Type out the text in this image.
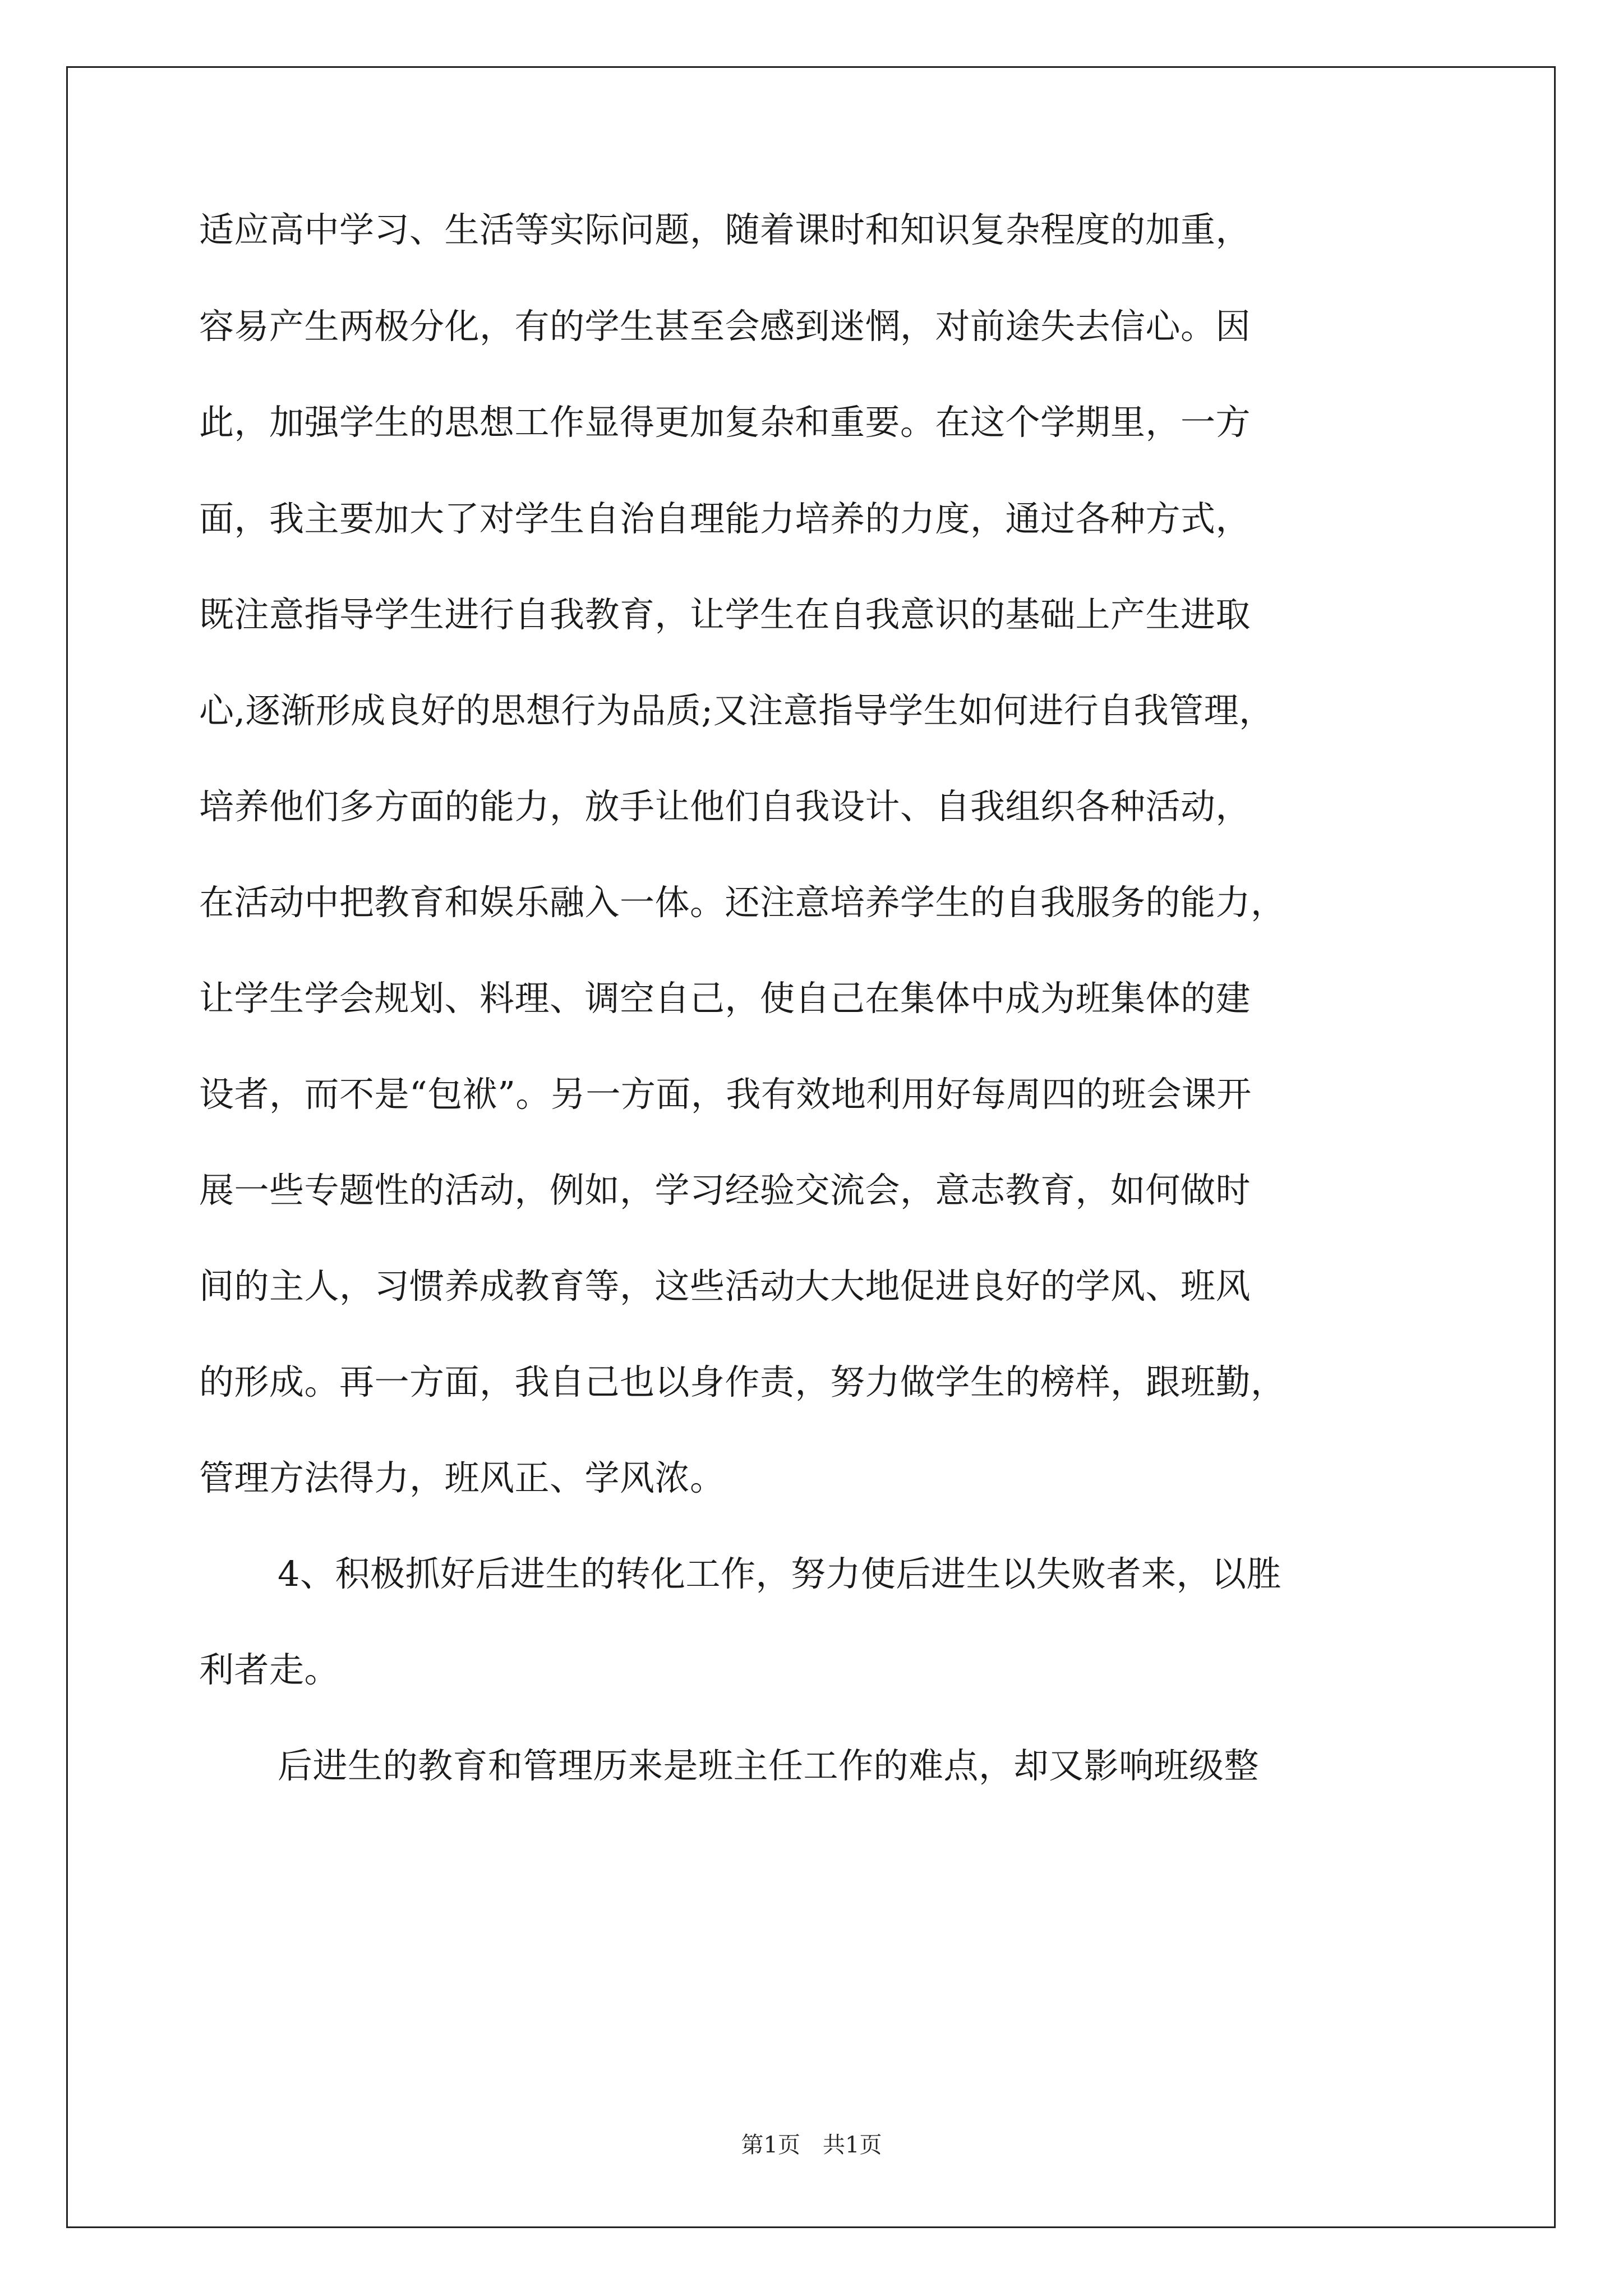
适应高中学习、生活等实际问题，随着课时和知识复杂程度的加重，
容易产生两极分化，有的学生甚至会感到迷惘，对前途失去信心。因
此，加强学生的思想工作显得更加复杂和重要。在这个学期里，一方
面，我主要加大了对学生自治自理能力培养的力度，通过各种方式，
既注意指导学生进行自我教育，让学生在自我意识的基础上产生进取
心,逐渐形成良好的思想行为品质;又注意指导学生如何进行自我管理，
培养他们多方面的能力，放手让他们自我设计、自我组织各种活动，
在活动中把教育和娱乐融入一体。还注意培养学生的自我服务的能力，
让学生学会规划、料理、调空自己，使自己在集体中成为班集体的建
设者，而不是“包袱”。另一方面，我有效地利用好每周四的班会课开
展一些专题性的活动，例如，学习经验交流会，意志教育，如何做时
间的主人，习惯养成教育等，这些活动大大地促进良好的学风、班风
的形成。再一方面，我自己也以身作责，努力做学生的榜样，跟班勤，
管理方法得力，班风正、学风浓。
4、积极抓好后进生的转化工作，努力使后进生以失败者来，以胜
利者走。
后进生的教育和管理历来是班主任工作的难点，却又影响班级整
第1页　共1页
